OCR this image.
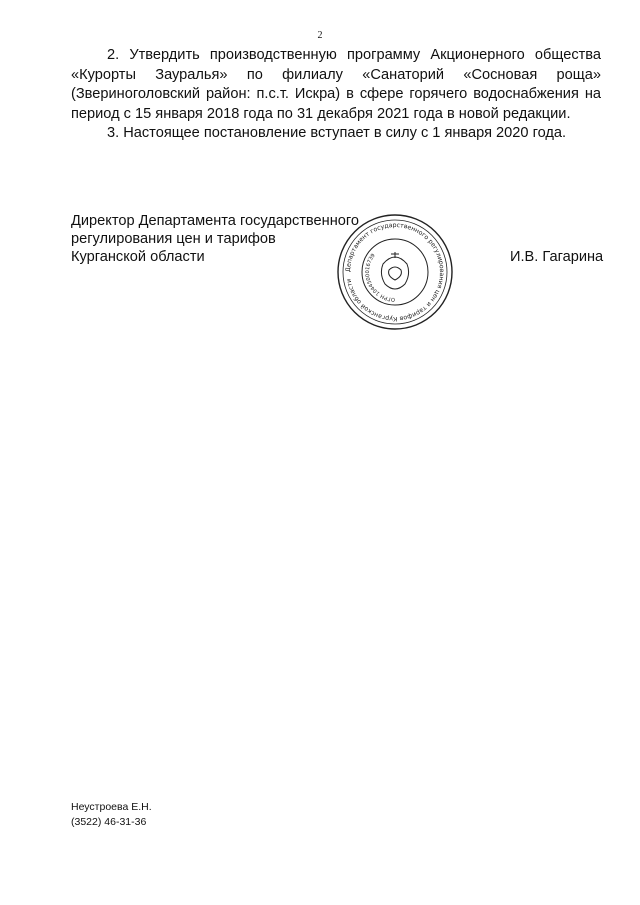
2

2. Утвердить производственную программу Акционерного общества «Курорты Зауралья» по филиалу «Санаторий «Сосновая роща» (Звериноголовский район: п.с.т. Искра) в сфере горячего водоснабжения на период с 15 января 2018 года по 31 декабря 2021 года в новой редакции.

3. Настоящее постановление вступает в силу с 1 января 2020 года.

Директор Департамента государственного
регулирования цен и тарифов
Курганской области
Департамент государственного регулирования цен и тарифов Курганской области
ОГРН 1044500016739	И.В. Гагарина
Неустроева Е.Н.
(3522) 46-31-36
